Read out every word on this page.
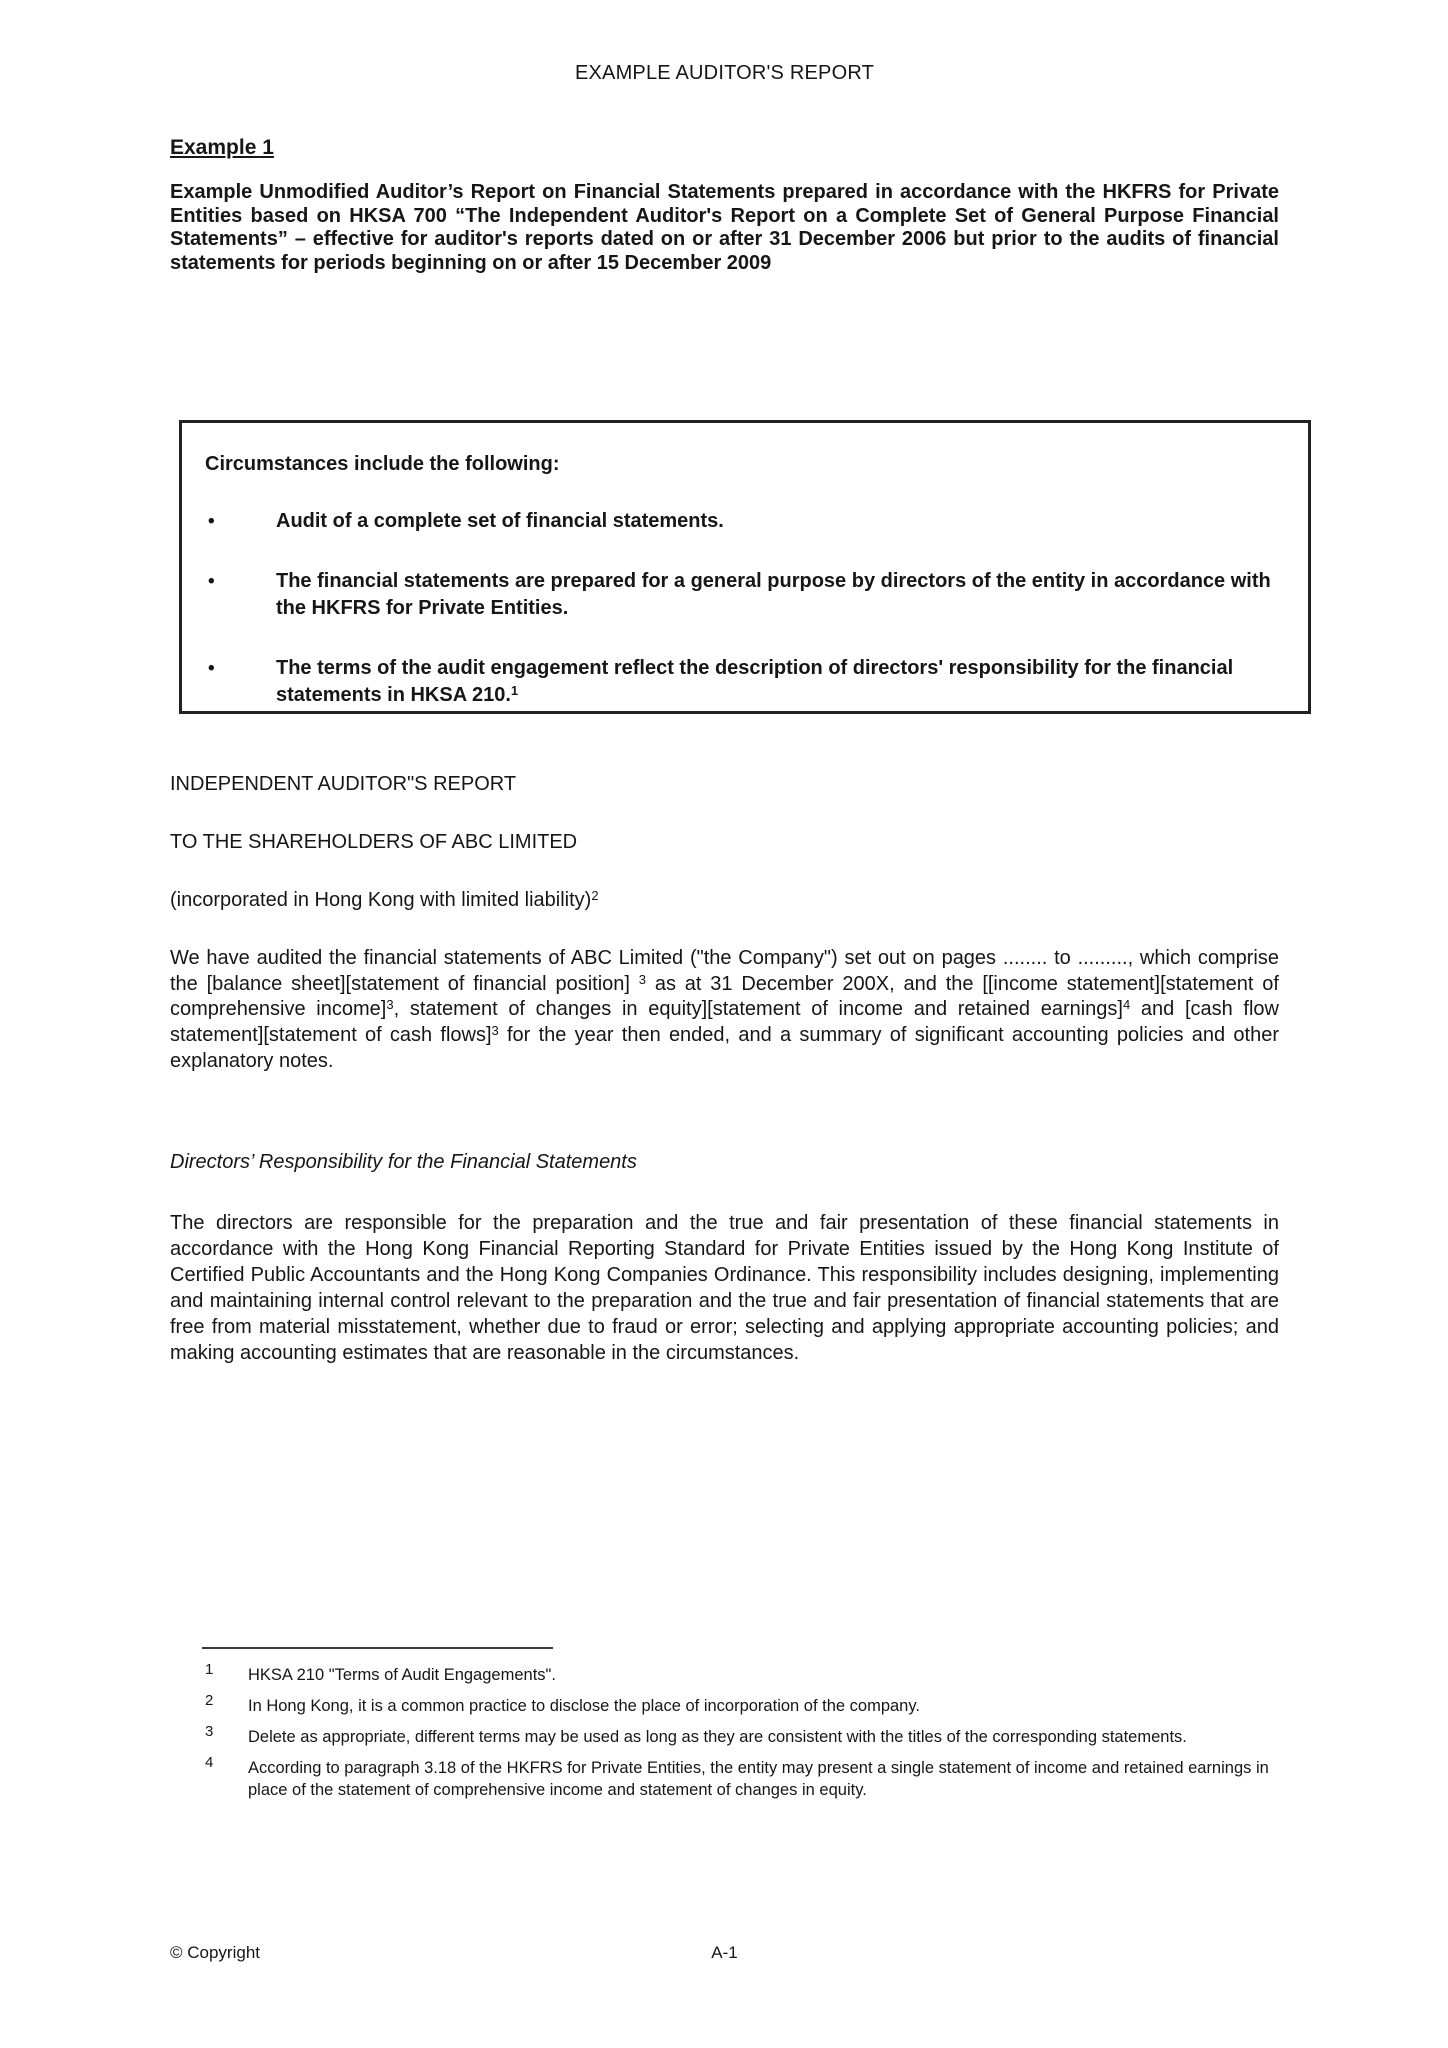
EXAMPLE AUDITOR'S REPORT
Example 1
Example Unmodified Auditor’s Report on Financial Statements prepared in accordance with the HKFRS for Private Entities based on HKSA 700 “The Independent Auditor's Report on a Complete Set of General Purpose Financial Statements” – effective for auditor's reports dated on or after 31 December 2006 but prior to the audits of financial statements for periods beginning on or after 15 December 2009
Circumstances include the following:
•	Audit of a complete set of financial statements.
•	The financial statements are prepared for a general purpose by directors of the entity in accordance with the HKFRS for Private Entities.
•	The terms of the audit engagement reflect the description of directors' responsibility for the financial statements in HKSA 210.$^1$
INDEPENDENT AUDITOR"S REPORT
TO THE SHAREHOLDERS OF ABC LIMITED
(incorporated in Hong Kong with limited liability)$^2$
We have audited the financial statements of ABC Limited ("the Company") set out on pages ........ to ........., which comprise the [balance sheet][statement of financial position] $^3$ as at 31 December 200X, and the [[income statement][statement of comprehensive income]$^3$, statement of changes in equity][statement of income and retained earnings]$^4$ and [cash flow statement][statement of cash flows]$^3$ for the year then ended, and a summary of significant accounting policies and other explanatory notes.
Directors’ Responsibility for the Financial Statements
The directors are responsible for the preparation and the true and fair presentation of these financial statements in accordance with the Hong Kong Financial Reporting Standard for Private Entities issued by the Hong Kong Institute of Certified Public Accountants and the Hong Kong Companies Ordinance. This responsibility includes designing, implementing and maintaining internal control relevant to the preparation and the true and fair presentation of financial statements that are free from material misstatement, whether due to fraud or error; selecting and applying appropriate accounting policies; and making accounting estimates that are reasonable in the circumstances.
1	HKSA 210 "Terms of Audit Engagements".
2	In Hong Kong, it is a common practice to disclose the place of incorporation of the company.
3	Delete as appropriate, different terms may be used as long as they are consistent with the titles of the corresponding statements.
4	According to paragraph 3.18 of the HKFRS for Private Entities, the entity may present a single statement of income and retained earnings in place of the statement of comprehensive income and statement of changes in equity.
© Copyright	A-1
